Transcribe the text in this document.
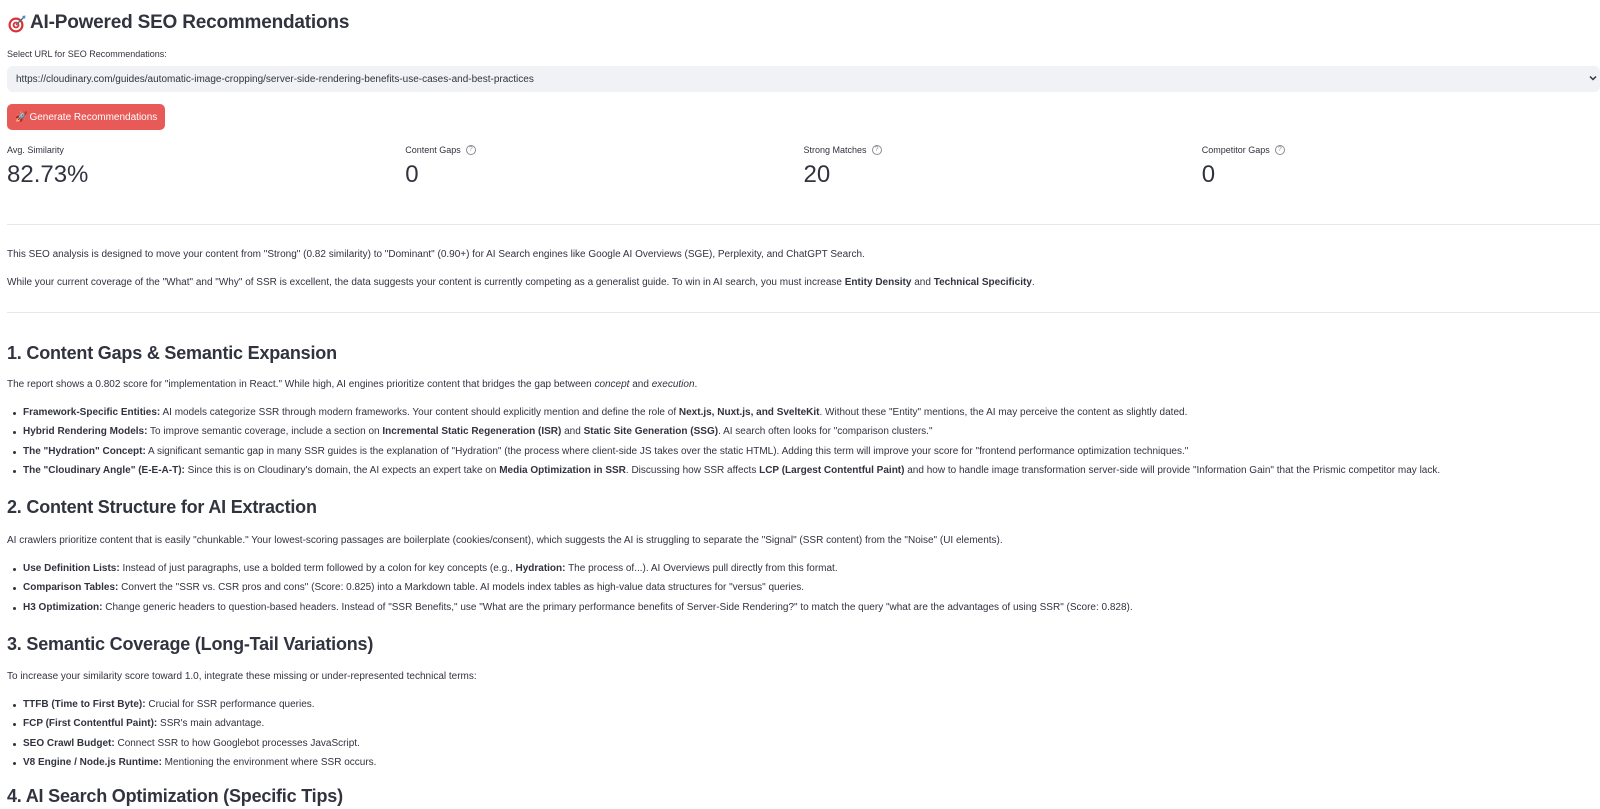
AI-Powered SEO Recommendations
Select URL for SEO Recommendations:
https://cloudinary.com/guides/automatic-image-cropping/server-side-rendering-benefits-use-cases-and-best-practices
🚀 Generate Recommendations
Avg. Similarity
82.73%
Content Gaps	?
0
Strong Matches	?
20
Competitor Gaps	?
0
This SEO analysis is designed to move your content from "Strong" (0.82 similarity) to "Dominant" (0.90+) for AI Search engines like Google AI Overviews (SGE), Perplexity, and ChatGPT Search.
While your current coverage of the "What" and "Why" of SSR is excellent, the data suggests your content is currently competing as a generalist guide. To win in AI search, you must increase Entity Density and Technical Specificity.
1. Content Gaps & Semantic Expansion
The report shows a 0.802 score for "implementation in React." While high, AI engines prioritize content that bridges the gap between concept and execution.
Framework-Specific Entities: AI models categorize SSR through modern frameworks. Your content should explicitly mention and define the role of Next.js, Nuxt.js, and SvelteKit. Without these "Entity" mentions, the AI may perceive the content as slightly dated.
Hybrid Rendering Models: To improve semantic coverage, include a section on Incremental Static Regeneration (ISR) and Static Site Generation (SSG). AI search often looks for "comparison clusters."
The "Hydration" Concept: A significant semantic gap in many SSR guides is the explanation of "Hydration" (the process where client-side JS takes over the static HTML). Adding this term will improve your score for "frontend performance optimization techniques."
The "Cloudinary Angle" (E-E-A-T): Since this is on Cloudinary's domain, the AI expects an expert take on Media Optimization in SSR. Discussing how SSR affects LCP (Largest Contentful Paint) and how to handle image transformation server-side will provide "Information Gain" that the Prismic competitor may lack.
2. Content Structure for AI Extraction
AI crawlers prioritize content that is easily "chunkable." Your lowest-scoring passages are boilerplate (cookies/consent), which suggests the AI is struggling to separate the "Signal" (SSR content) from the "Noise" (UI elements).
Use Definition Lists: Instead of just paragraphs, use a bolded term followed by a colon for key concepts (e.g., Hydration: The process of...). AI Overviews pull directly from this format.
Comparison Tables: Convert the "SSR vs. CSR pros and cons" (Score: 0.825) into a Markdown table. AI models index tables as high-value data structures for "versus" queries.
H3 Optimization: Change generic headers to question-based headers. Instead of "SSR Benefits," use "What are the primary performance benefits of Server-Side Rendering?" to match the query "what are the advantages of using SSR" (Score: 0.828).
3. Semantic Coverage (Long-Tail Variations)
To increase your similarity score toward 1.0, integrate these missing or under-represented technical terms:
TTFB (Time to First Byte): Crucial for SSR performance queries.
FCP (First Contentful Paint): SSR's main advantage.
SEO Crawl Budget: Connect SSR to how Googlebot processes JavaScript.
V8 Engine / Node.js Runtime: Mentioning the environment where SSR occurs.
4. AI Search Optimization (Specific Tips)
